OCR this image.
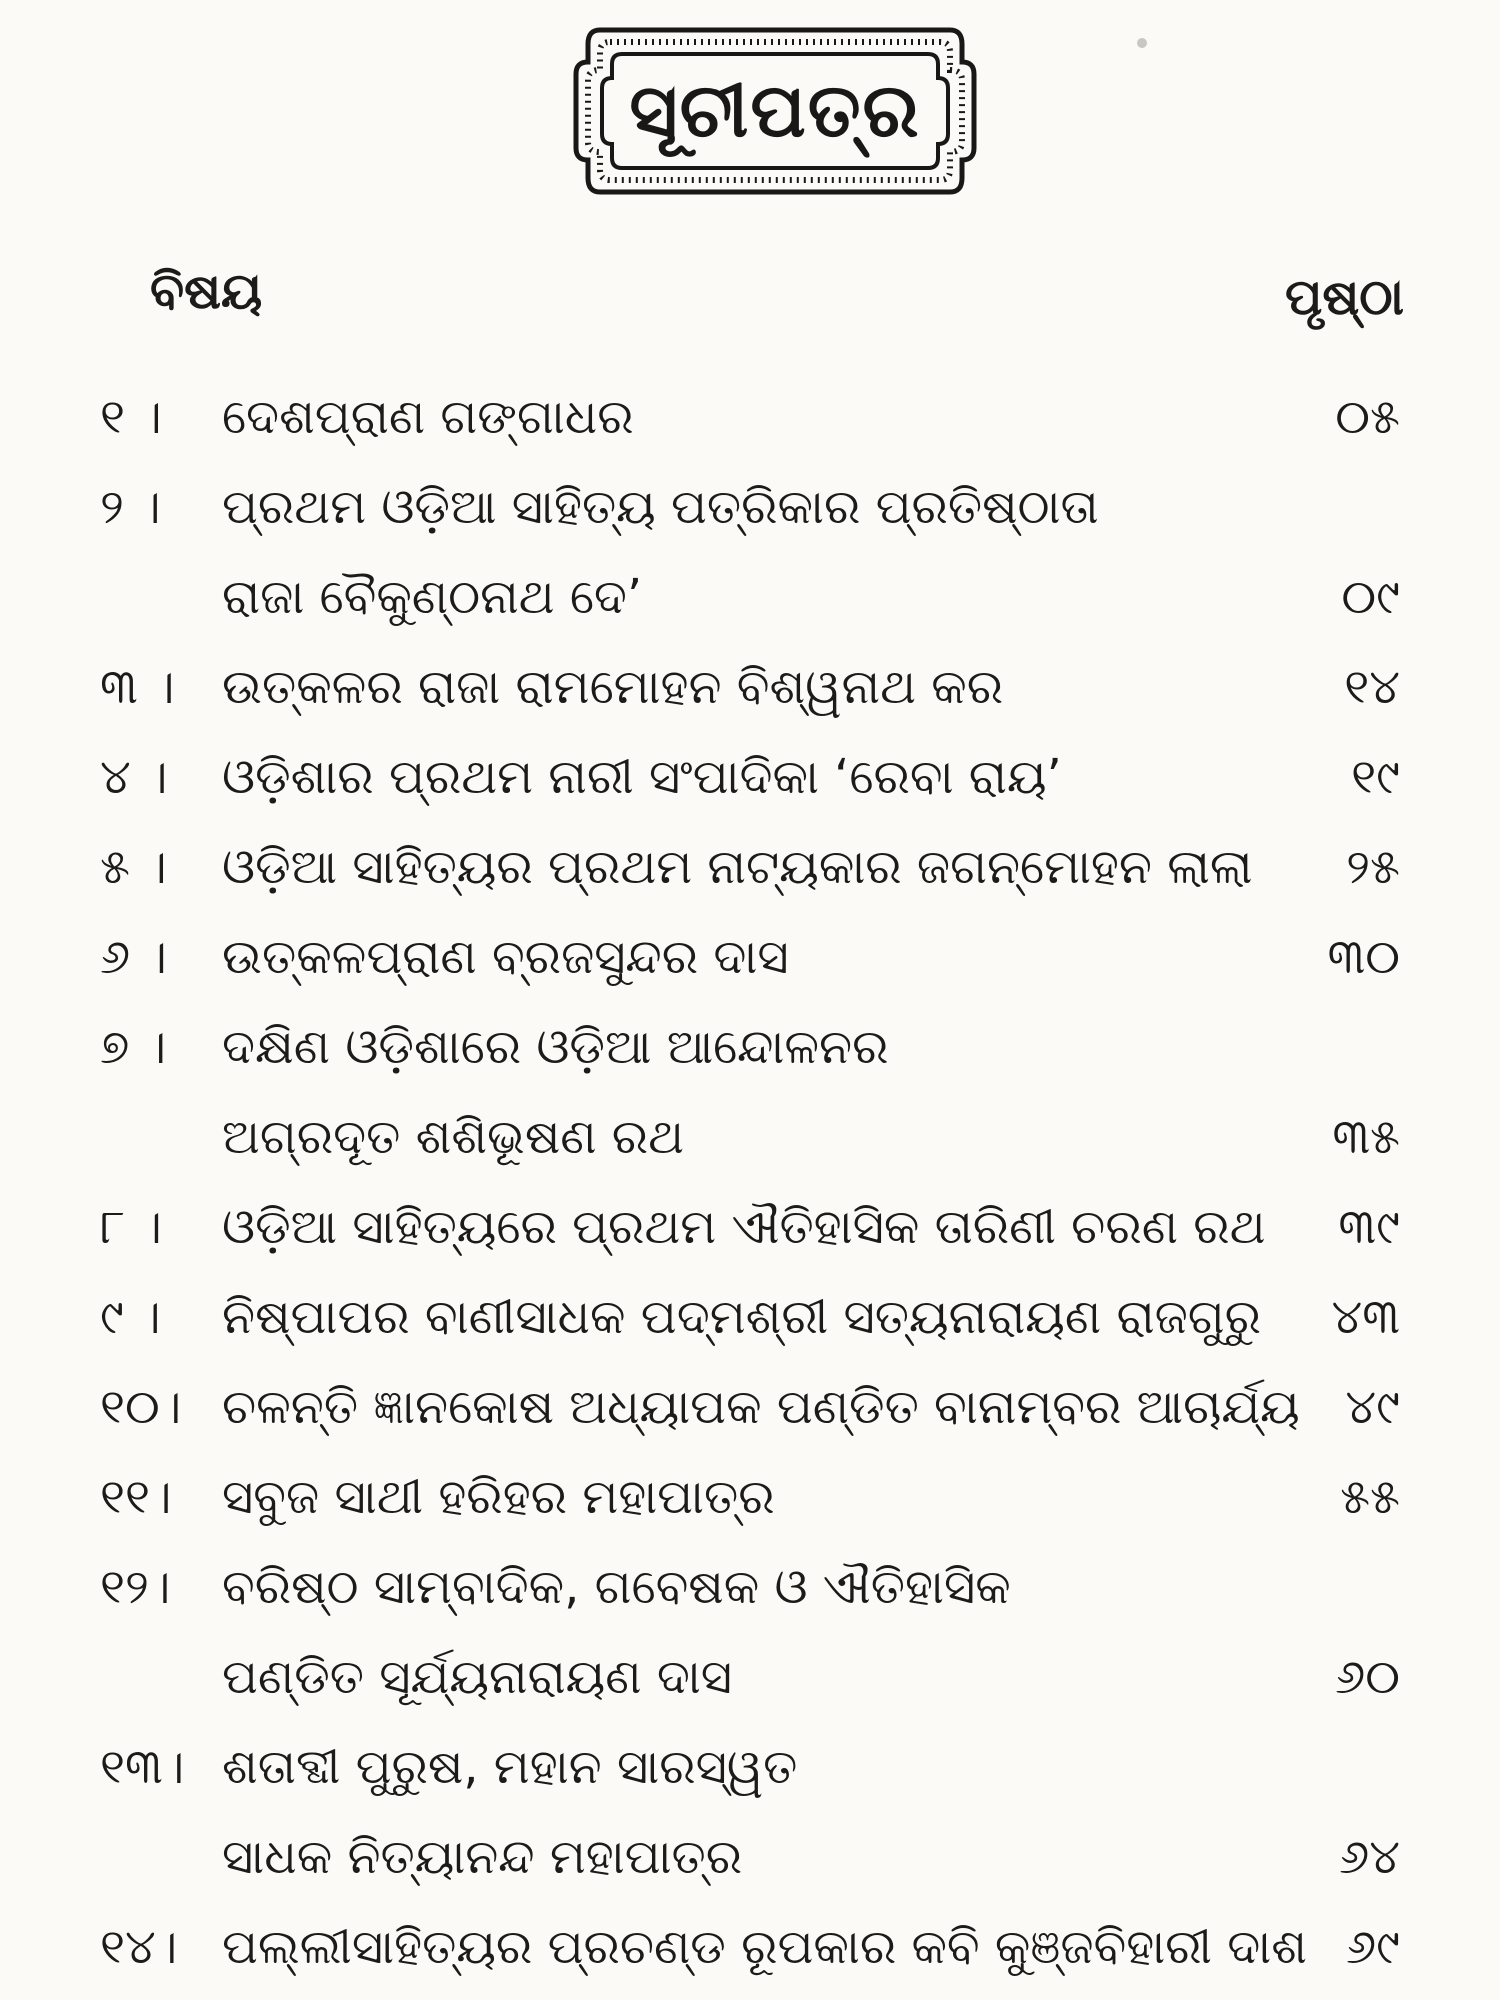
ସୂଚୀପତ୍ର
ବିଷୟ	ପୃଷ୍ଠା
୧ ।	ଦେଶପ୍ରାଣ ଗଙ୍ଗାଧର	୦୫
୨ ।	ପ୍ରଥମ ଓଡ଼ିଆ ସାହିତ୍ୟ ପତ୍ରିକାର ପ୍ରତିଷ୍ଠାତା
ରାଜା ବୈକୁଣ୍ଠନାଥ ଦେ’	୦୯
୩ । ଉତ୍କଳର ରାଜା ରାମମୋହନ ବିଶ୍ୱନାଥ କର	୧୪
୪ ।	ଓଡ଼ିଶାର ପ୍ରଥମ ନାରୀ ସଂପାଦିକା ‘ରେବା ରାୟ’	୧୯
୫ ।	ଓଡ଼ିଆ ସାହିତ୍ୟର ପ୍ରଥମ ନାଟ୍ୟକାର ଜଗନ୍ମୋହନ ଲାଲା	୨୫
୬ ।	ଉତ୍କଳପ୍ରାଣ ବ୍ରଜସୁନ୍ଦର ଦାସ	୩୦
୭ ।	ଦକ୍ଷିଣ ଓଡ଼ିଶାରେ ଓଡ଼ିଆ ଆନ୍ଦୋଳନର
ଅଗ୍ରଦୂତ ଶଶିଭୂଷଣ ରଥ	୩୫
୮ ।	ଓଡ଼ିଆ ସାହିତ୍ୟରେ ପ୍ରଥମ ଐତିହାସିକ ତାରିଣୀ ଚରଣ ରଥ ୩୯
୯ ।	ନିଷ୍ପାପର ବାଣୀସାଧକ ପଦ୍ମଶ୍ରୀ ସତ୍ୟନାରାୟଣ ରାଜଗୁରୁ ୪୩
୧୦। ଚଳନ୍ତି ଜ୍ଞାନକୋଷ ଅଧ୍ୟାପକ ପଣ୍ଡିତ ବାନାମ୍ବର ଆଚାର୍ଯ୍ୟ ୪୯
୧୧।	ସବୁଜ ସାଥୀ ହରିହର ମହାପାତ୍ର	୫୫
୧୨।	ବରିଷ୍ଠ ସାମ୍ବାଦିକ, ଗବେଷକ ଓ ଐତିହାସିକ
ପଣ୍ଡିତ ସୂର୍ଯ୍ୟନାରାୟଣ ଦାସ	୬୦
୧୩। ଶତାବ୍ଦୀ ପୁରୁଷ, ମହାନ ସାରସ୍ୱତ
ସାଧକ ନିତ୍ୟାନନ୍ଦ ମହାପାତ୍ର	୬୪
୧୪। ପଲ୍ଲୀସାହିତ୍ୟର ପ୍ରଚଣ୍ଡ ରୂପକାର କବି କୁଞ୍ଜବିହାରୀ ଦାଶ ୬୯
